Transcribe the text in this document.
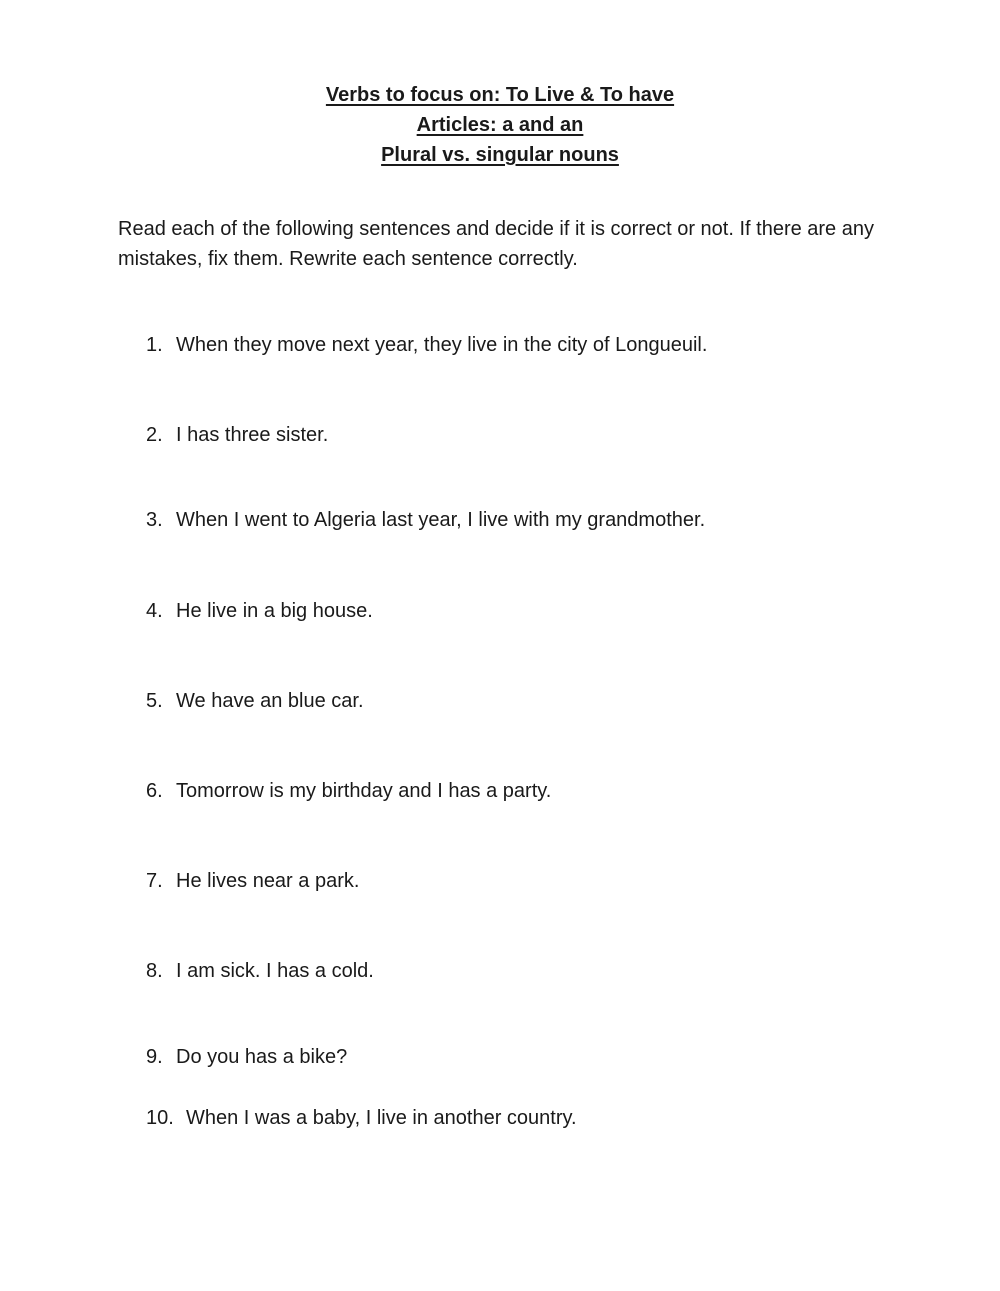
Verbs to focus on: To Live & To have
Articles: a and an
Plural vs. singular nouns

Read each of the following sentences and decide if it is correct or not. If there are any mistakes, fix them. Rewrite each sentence correctly.

1. When they move next year, they live in the city of Longueuil.

2. I has three sister.

3. When I went to Algeria last year, I live with my grandmother.

4. He live in a big house.

5. We have an blue car.

6. Tomorrow is my birthday and I has a party.

7. He lives near a park.

8. I am sick. I has a cold.

9. Do you has a bike?

10. When I was a baby, I live in another country.
